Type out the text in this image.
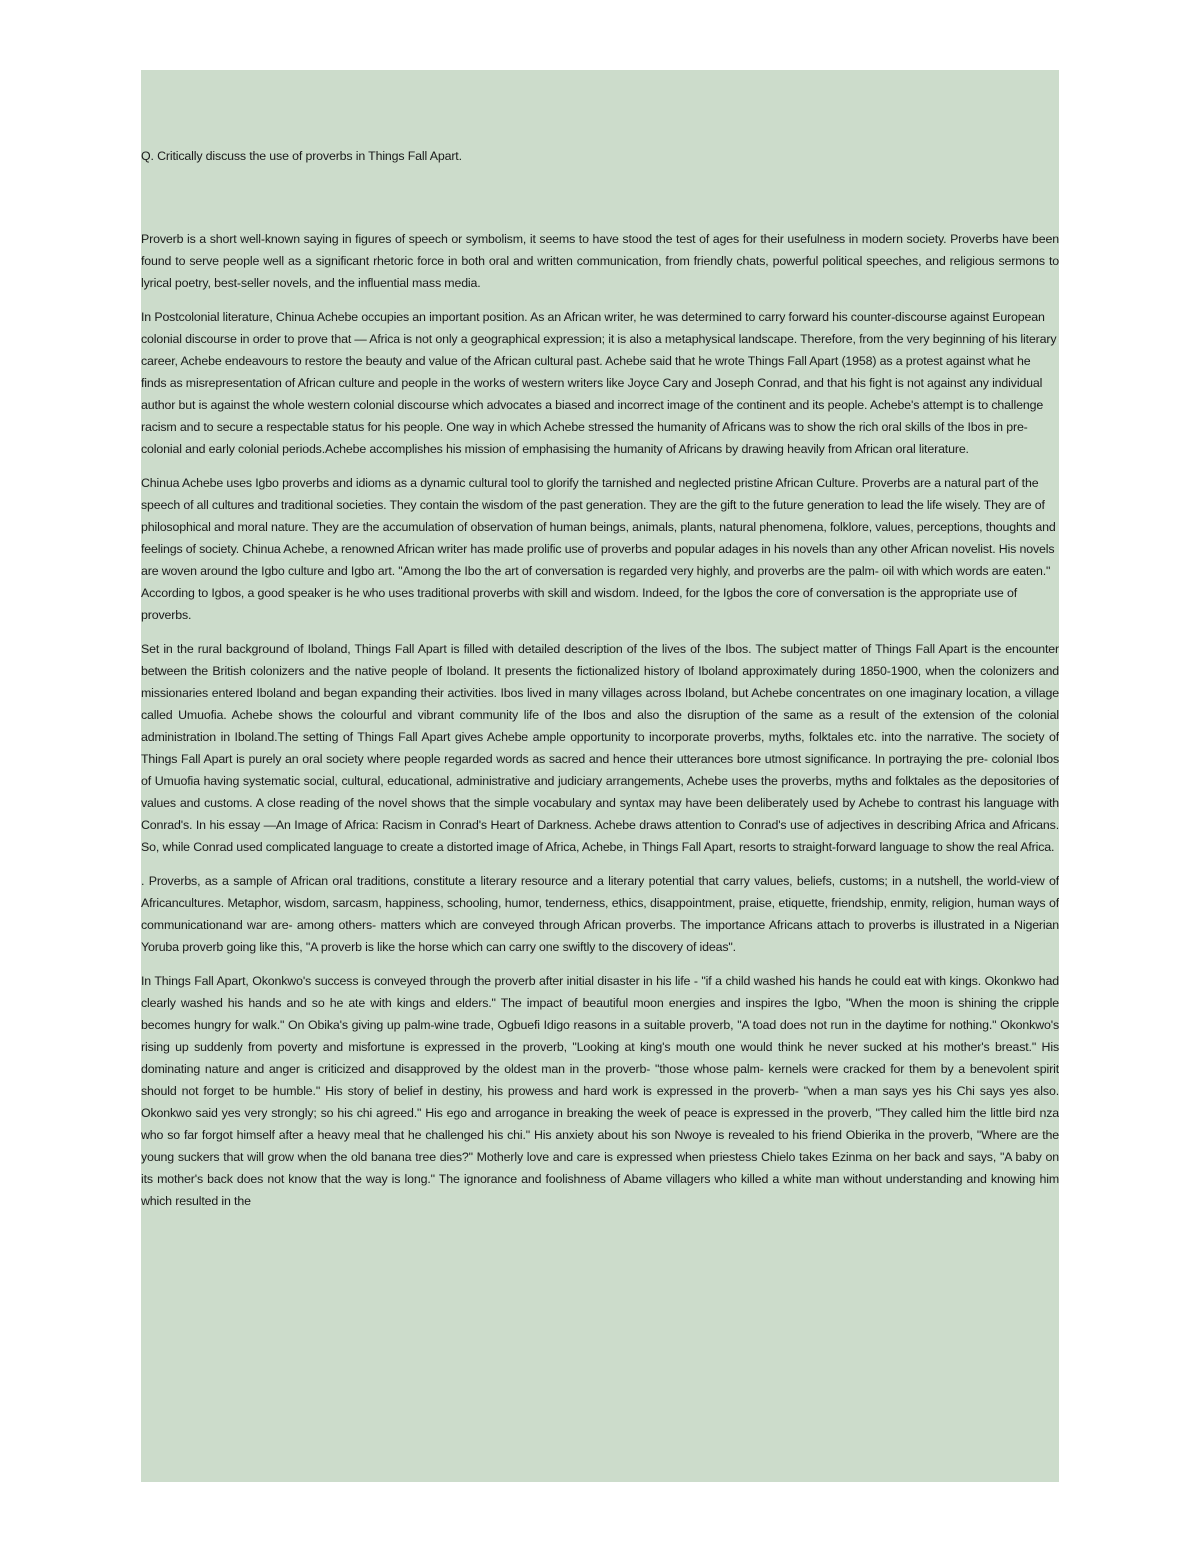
Q. Critically discuss the use of proverbs in Things Fall Apart.

Proverb is a short well-known saying in figures of speech or symbolism, it seems to have stood the test of ages for their usefulness in modern society. Proverbs have been found to serve people well as a significant rhetoric force in both oral and written communication, from friendly chats, powerful political speeches, and religious sermons to lyrical poetry, best-seller novels, and the influential mass media.

In Postcolonial literature, Chinua Achebe occupies an important position. As an African writer, he was determined to carry forward his counter-discourse against European colonial discourse in order to prove that — Africa is not only a geographical expression; it is also a metaphysical landscape. Therefore, from the very beginning of his literary career, Achebe endeavours to restore the beauty and value of the African cultural past. Achebe said that he wrote Things Fall Apart (1958) as a protest against what he finds as misrepresentation of African culture and people in the works of western writers like Joyce Cary and Joseph Conrad, and that his fight is not against any individual author but is against the whole western colonial discourse which advocates a biased and incorrect image of the continent and its people. Achebe's attempt is to challenge racism and to secure a respectable status for his people. One way in which Achebe stressed the humanity of Africans was to show the rich oral skills of the Ibos in pre-colonial and early colonial periods.Achebe accomplishes his mission of emphasising the humanity of Africans by drawing heavily from African oral literature.

Chinua Achebe uses Igbo proverbs and idioms as a dynamic cultural tool to glorify the tarnished and neglected pristine African Culture. Proverbs are a natural part of the speech of all cultures and traditional societies. They contain the wisdom of the past generation. They are the gift to the future generation to lead the life wisely. They are of philosophical and moral nature. They are the accumulation of observation of human beings, animals, plants, natural phenomena, folklore, values, perceptions, thoughts and feelings of society. Chinua Achebe, a renowned African writer has made prolific use of proverbs and popular adages in his novels than any other African novelist. His novels are woven around the Igbo culture and Igbo art. "Among the Ibo the art of conversation is regarded very highly, and proverbs are the palm- oil with which words are eaten." According to Igbos, a good speaker is he who uses traditional proverbs with skill and wisdom. Indeed, for the Igbos the core of conversation is the appropriate use of proverbs.

Set in the rural background of Iboland, Things Fall Apart is filled with detailed description of the lives of the Ibos. The subject matter of Things Fall Apart is the encounter between the British colonizers and the native people of Iboland. It presents the fictionalized history of Iboland approximately during 1850-1900, when the colonizers and missionaries entered Iboland and began expanding their activities. Ibos lived in many villages across Iboland, but Achebe concentrates on one imaginary location, a village called Umuofia. Achebe shows the colourful and vibrant community life of the Ibos and also the disruption of the same as a result of the extension of the colonial administration in Iboland.The setting of Things Fall Apart gives Achebe ample opportunity to incorporate proverbs, myths, folktales etc. into the narrative. The society of Things Fall Apart is purely an oral society where people regarded words as sacred and hence their utterances bore utmost significance. In portraying the pre- colonial Ibos of Umuofia having systematic social, cultural, educational, administrative and judiciary arrangements, Achebe uses the proverbs, myths and folktales as the depositories of values and customs. A close reading of the novel shows that the simple vocabulary and syntax may have been deliberately used by Achebe to contrast his language with Conrad's. In his essay —An Image of Africa: Racism in Conrad's Heart of Darkness. Achebe draws attention to Conrad's use of adjectives in describing Africa and Africans. So, while Conrad used complicated language to create a distorted image of Africa, Achebe, in Things Fall Apart, resorts to straight-forward language to show the real Africa.

. Proverbs, as a sample of African oral traditions, constitute a literary resource and a literary potential that carry values, beliefs, customs; in a nutshell, the world-view of Africancultures. Metaphor, wisdom, sarcasm, happiness, schooling, humor, tenderness, ethics, disappointment, praise, etiquette, friendship, enmity, religion, human ways of communicationand war are- among others- matters which are conveyed through African proverbs. The importance Africans attach to proverbs is illustrated in a Nigerian Yoruba proverb going like this, "A proverb is like the horse which can carry one swiftly to the discovery of ideas".

In Things Fall Apart, Okonkwo's success is conveyed through the proverb after initial disaster in his life - "if a child washed his hands he could eat with kings. Okonkwo had clearly washed his hands and so he ate with kings and elders." The impact of beautiful moon energies and inspires the Igbo, "When the moon is shining the cripple becomes hungry for walk." On Obika's giving up palm-wine trade, Ogbuefi Idigo reasons in a suitable proverb, "A toad does not run in the daytime for nothing." Okonkwo's rising up suddenly from poverty and misfortune is expressed in the proverb, "Looking at king's mouth one would think he never sucked at his mother's breast." His dominating nature and anger is criticized and disapproved by the oldest man in the proverb- "those whose palm- kernels were cracked for them by a benevolent spirit should not forget to be humble." His story of belief in destiny, his prowess and hard work is expressed in the proverb- "when a man says yes his Chi says yes also. Okonkwo said yes very strongly; so his chi agreed." His ego and arrogance in breaking the week of peace is expressed in the proverb, "They called him the little bird nza who so far forgot himself after a heavy meal that he challenged his chi." His anxiety about his son Nwoye is revealed to his friend Obierika in the proverb, "Where are the young suckers that will grow when the old banana tree dies?" Motherly love and care is expressed when priestess Chielo takes Ezinma on her back and says, "A baby on its mother's back does not know that the way is long." The ignorance and foolishness of Abame villagers who killed a white man without understanding and knowing him which resulted in the
